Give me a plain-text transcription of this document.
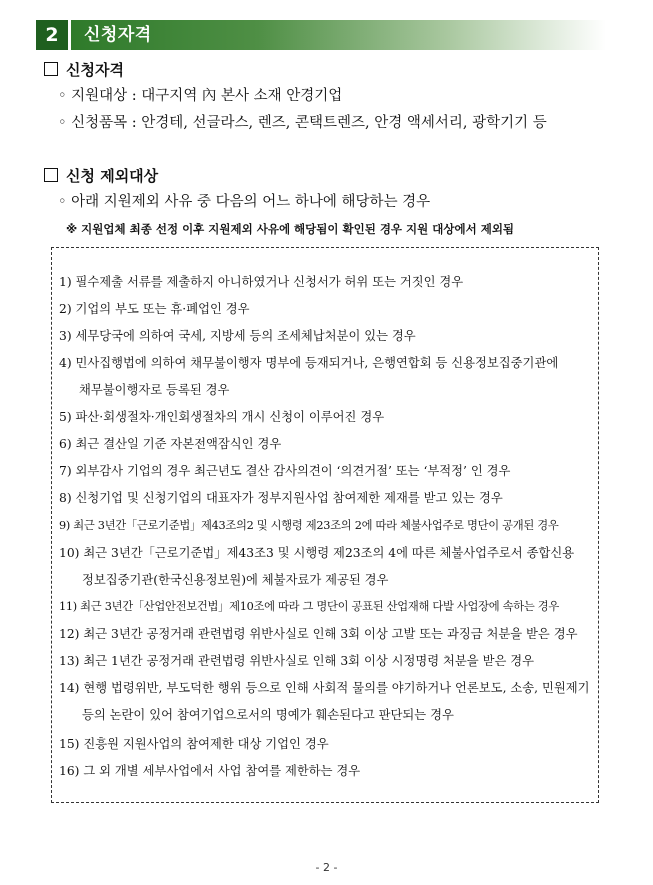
2	신청자격
신청자격
◦ 지원대상 : 대구지역 內 본사 소재 안경기업
◦ 신청품목 : 안경테, 선글라스, 렌즈, 콘택트렌즈, 안경 액세서리, 광학기기 등
신청 제외대상
◦ 아래 지원제외 사유 중 다음의 어느 하나에 해당하는 경우
※ 지원업체 최종 선정 이후 지원제외 사유에 해당됨이 확인된 경우 지원 대상에서 제외됨
1) 필수제출 서류를 제출하지 아니하였거나 신청서가 허위 또는 거짓인 경우
2) 기업의 부도 또는 휴·폐업인 경우
3) 세무당국에 의하여 국세, 지방세 등의 조세체납처분이 있는 경우
4) 민사집행법에 의하여 채무불이행자 명부에 등재되거나, 은행연합회 등 신용정보집중기관에
채무불이행자로 등록된 경우
5) 파산·회생절차·개인회생절차의 개시 신청이 이루어진 경우
6) 최근 결산일 기준 자본전액잠식인 경우
7) 외부감사 기업의 경우 최근년도 결산 감사의견이 ‘의견거절’ 또는 ‘부적정’ 인 경우
8) 신청기업 및 신청기업의 대표자가 정부지원사업 참여제한 제재를 받고 있는 경우
9) 최근 3년간「근로기준법」제43조의2 및 시행령 제23조의 2에 따라 체불사업주로 명단이 공개된 경우
10) 최근 3년간「근로기준법」제43조3 및 시행령 제23조의 4에 따른 체불사업주로서 종합신용
정보집중기관(한국신용정보원)에 체불자료가 제공된 경우
11) 최근 3년간「산업안전보건법」제10조에 따라 그 명단이 공표된 산업재해 다발 사업장에 속하는 경우
12) 최근 3년간 공정거래 관련법령 위반사실로 인해 3회 이상 고발 또는 과징금 처분을 받은 경우
13) 최근 1년간 공정거래 관련법령 위반사실로 인해 3회 이상 시정명령 처분을 받은 경우
14) 현행 법령위반, 부도덕한 행위 등으로 인해 사회적 물의를 야기하거나 언론보도, 소송, 민원제기
등의 논란이 있어 참여기업으로서의 명예가 훼손된다고 판단되는 경우
15) 진흥원 지원사업의 참여제한 대상 기업인 경우
16) 그 외 개별 세부사업에서 사업 참여를 제한하는 경우
- 2 -
